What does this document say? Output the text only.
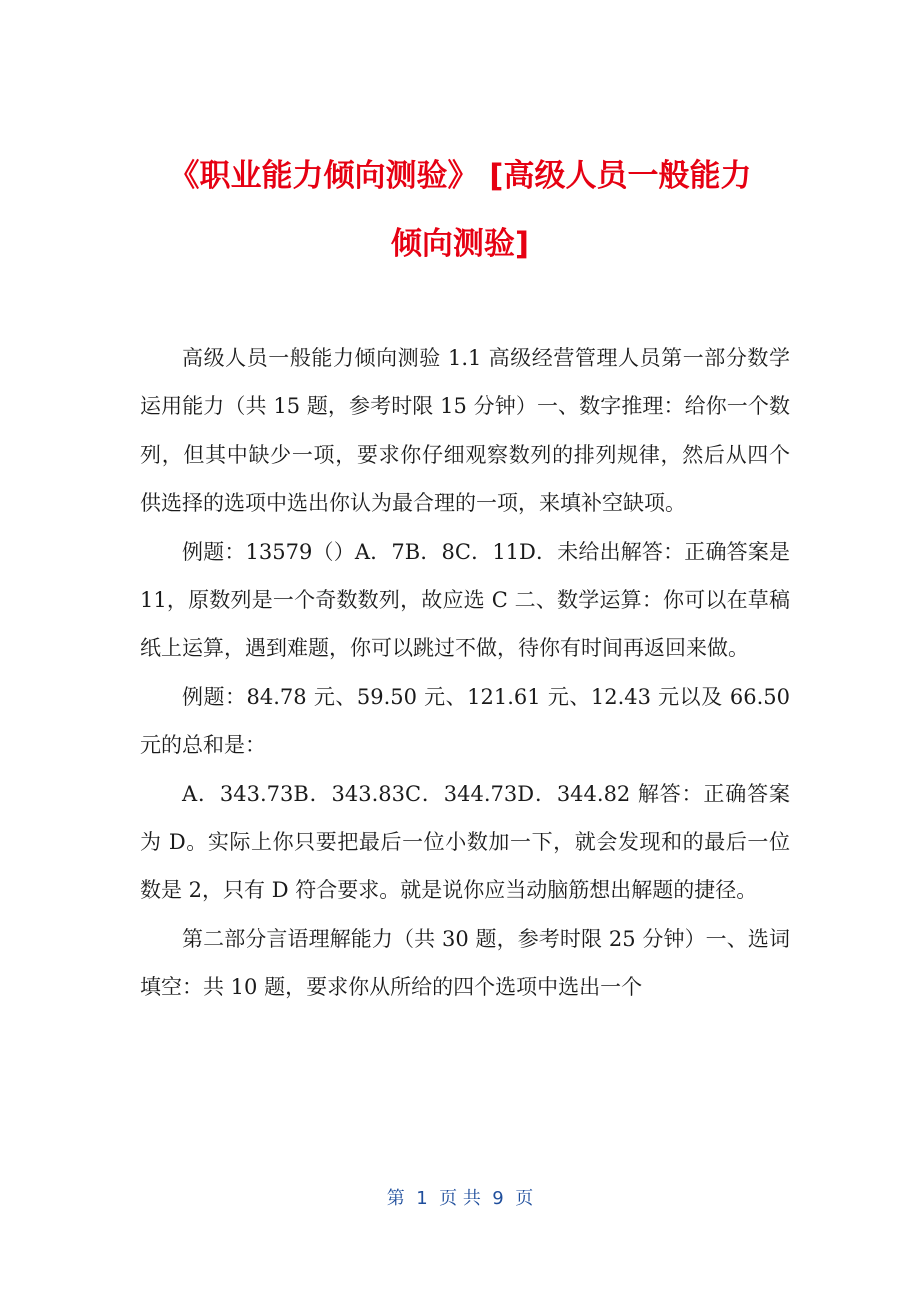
《职业能力倾向测验》 [高级人员一般能力
倾向测验]

高级人员一般能力倾向测验 1.1 高级经营管理人员第一部分数学运用能力（共 15 题，参考时限 15 分钟）一、数字推理：给你一个数列，但其中缺少一项，要求你仔细观察数列的排列规律，然后从四个供选择的选项中选出你认为最合理的一项，来填补空缺项。

例题：13579（）A．7B．8C．11D．未给出解答：正确答案是 11，原数列是一个奇数数列，故应选 C 二、数学运算：你可以在草稿纸上运算，遇到难题，你可以跳过不做，待你有时间再返回来做。

例题：84.78 元、59.50 元、121.61 元、12.43 元以及 66.50 元的总和是：

A．343.73B．343.83C．344.73D．344.82 解答：正确答案为 D。实际上你只要把最后一位小数加一下，就会发现和的最后一位数是 2，只有 D 符合要求。就是说你应当动脑筋想出解题的捷径。

第二部分言语理解能力（共 30 题，参考时限 25 分钟）一、选词填空：共 10 题，要求你从所给的四个选项中选出一个

第  1  页 共  9  页
